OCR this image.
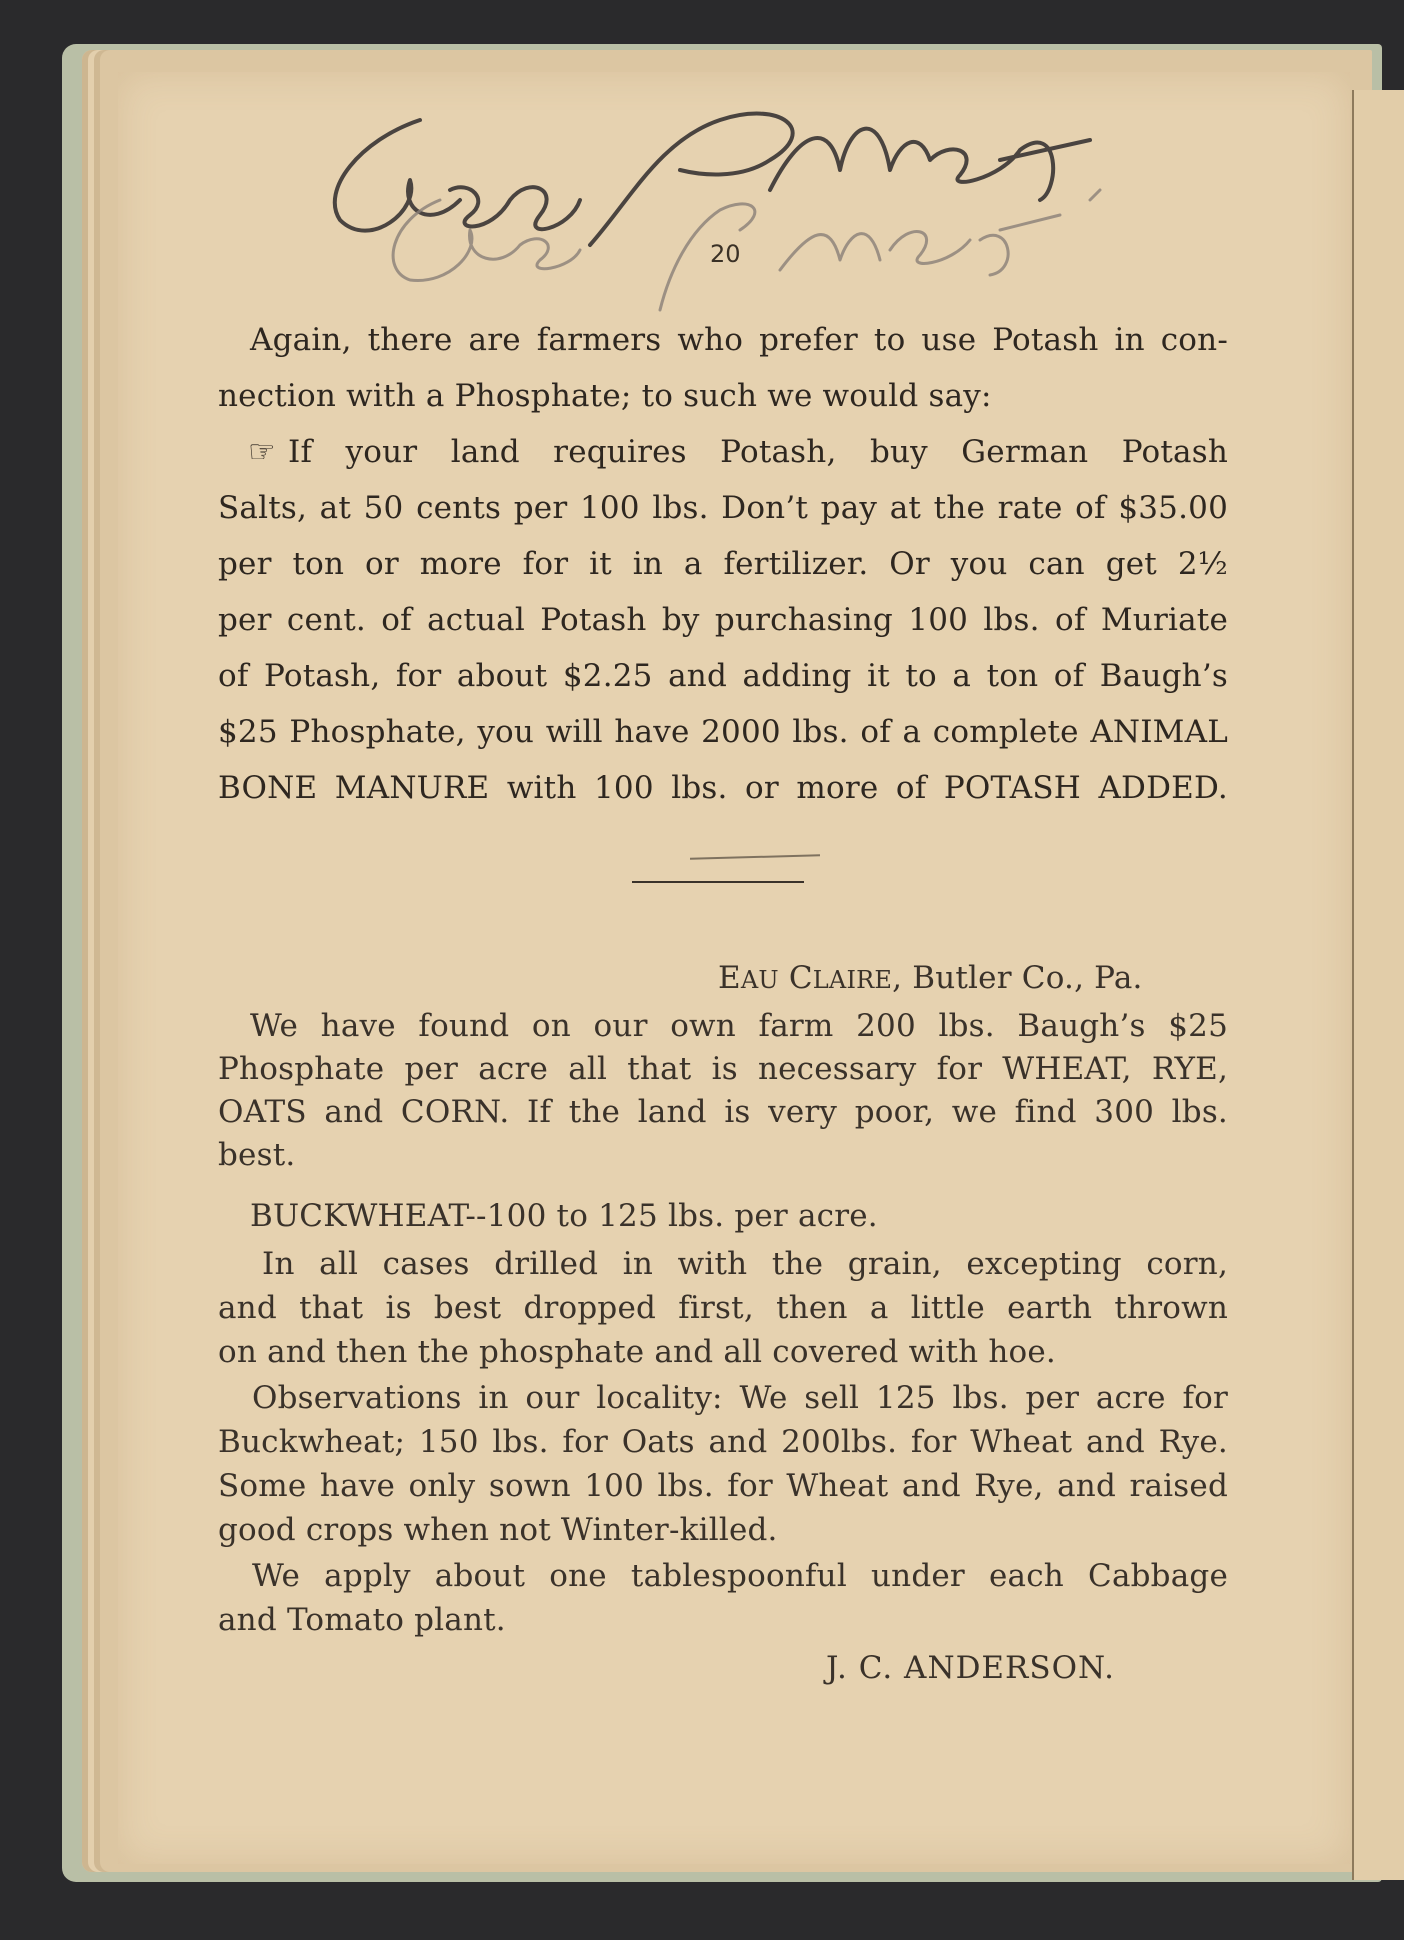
20
Again, there are farmers who prefer to use Potash in con-
nection with a Phosphate; to such we would say:
☞ If your land requires Potash, buy German Potash
Salts, at 50 cents per 100 lbs. Don’t pay at the rate of $35.00
per ton or more for it in a fertilizer. Or you can get 2½
per cent. of actual Potash by purchasing 100 lbs. of Muriate
of Potash, for about $2.25 and adding it to a ton of Baugh’s
$25 Phosphate, you will have 2000 lbs. of a complete ANIMAL
BONE MANURE with 100 lbs. or more of POTASH ADDED.
EAU CLAIRE, Butler Co., Pa.
We have found on our own farm 200 lbs. Baugh’s $25
Phosphate per acre all that is necessary for WHEAT, RYE,
OATS and CORN. If the land is very poor, we find 300 lbs.
best.
BUCKWHEAT--100 to 125 lbs. per acre.
In all cases drilled in with the grain, excepting corn,
and that is best dropped first, then a little earth thrown
on and then the phosphate and all covered with hoe.
Observations in our locality: We sell 125 lbs. per acre for
Buckwheat; 150 lbs. for Oats and 200lbs. for Wheat and Rye.
Some have only sown 100 lbs. for Wheat and Rye, and raised
good crops when not Winter-killed.
We apply about one tablespoonful under each Cabbage
and Tomato plant.
J. C. ANDERSON.
